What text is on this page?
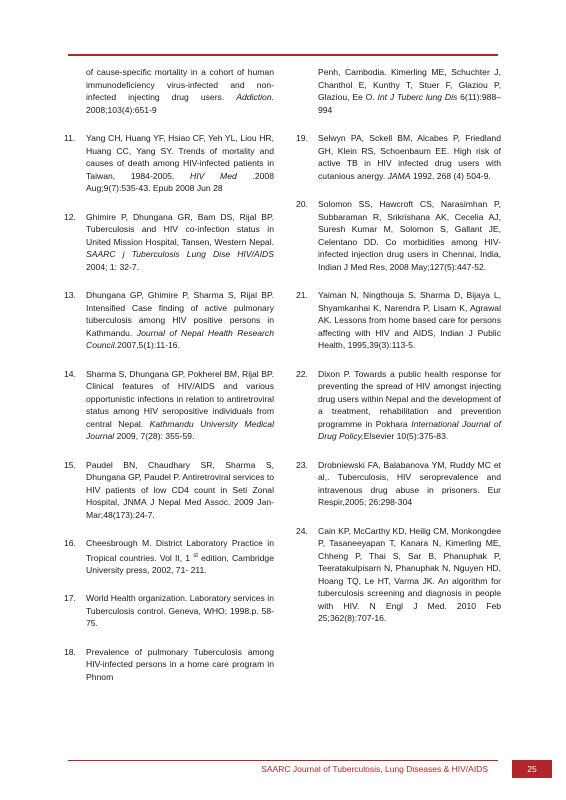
of cause-specific mortality in a cohort of human immunodeficiency virus-infected and non-infected injecting drug users. Addiction. 2008;103(4):651-9
11.	Yang CH, Huang YF, Hsiao CF, Yeh YL, Liou HR, Huang CC, Yang SY. Trends of mortality and causes of death among HIV-infected patients in Taiwan, 1984-2005. HIV Med .2008 Aug;9(7):535-43. Epub 2008 Jun 28
12.	Ghimire P, Dhungana GR, Bam DS, Rijal BP. Tuberculosis and HIV co-infection status in United Mission Hospital, Tansen, Western Nepal. SAARC j Tuberculosis Lung Dise HIV/AIDS 2004; 1: 32-7.
13.	Dhungana GP, Ghimire P, Sharma S, Rijal BP. Intensified Case finding of active pulmonary tuberculosis among HIV positive persons in Kathmandu. Journal of Nepal Health Research Council.2007,5(1):11-16.
14.	Sharma S, Dhungana GP, Pokherel BM, Rijal BP. Clinical features of HIV/AIDS and various opportunistic infections in relation to antiretroviral status among HIV seropositive individuals from central Nepal. Kathmandu University Medical Journal 2009, 7(28): 355-59.
15.	Paudel BN, Chaudhary SR, Sharma S, Dhungana GP, Paudel P. Antiretroviral services to HIV patients of low CD4 count in Seti Zonal Hospital, JNMA J Nepal Med Assoc. 2009 Jan-Mar;48(173):24-7.
16.	Cheesbrough M. District Laboratory Practice in Tropical countries. Vol II, 1 $^{st}$ edition, Cambridge University press, 2002, 71- 211.
17.	World Health organization. Laboratory services in Tuberculosis control. Geneva, WHO; 1998.p. 58-75.
18.	Prevalence of pulmonary Tuberculosis among HIV-infected persons in a home care program in Phnom
Penh, Cambodia. Kimerling ME, Schuchter J, Chanthol E, Kunthy T, Stuer F, Glaziou P, Glaziou, Ee O. Int J Tuberc lung Dis 6(11):988–994
19.	Selwyn PA, Sckell BM, Alcabes P, Friedland GH, Klein RS, Schoenbaum EE. High risk of active TB in HIV infected drug users with cutanious anergy. JAMA 1992, 268 (4) 504-9.
20.	Solomon SS, Hawcroft CS, Narasimhan P, Subbaraman R, Srikrishana AK, Cecelia AJ, Suresh Kumar M, Solomon S, Gallant JE, Celentano DD. Co morbidities among HIV-infected injection drug users in Chennai, India, Indian J Med Res, 2008 May;127(5):447-52.
21.	Yaiman N, Ningthouja S, Sharma D, Bijaya L, Shyamkanhai K, Narendra P, Lisam K, Agrawal AK. Lessons from home based care for persons affecting with HIV and AIDS, Indian J Public Health, 1995,39(3):113-5.
22.	Dixon P. Towards a public health response for preventing the spread of HIV amongst injecting drug users within Nepal and the development of a treatment, rehabilitation and prevention programme in Pokhara International Journal of Drug Policy,Elsevier 10(5):375-83.
23.	Drobniewski FA, Balabanova YM, Ruddy MC et al,. Tuberculosis, HIV seroprevalence and intravenous drug abuse in prisoners. Eur Respir,2005; 26:298-304
24.	Cain KP, McCarthy KD, Heilig CM, Monkongdee P, Tasaneeyapan T, Kanara N, Kimerling ME, Chheng P, Thai S, Sar B, Phanuphak P, Teeratakulpisarn N, Phanuphak N, Nguyen HD, Hoang TQ, Le HT, Varma JK. An algorithm for tuberculosis screening and diagnosis in people with HIV. N Engl J Med. 2010 Feb 25;362(8):707-16.
SAARC Journal of Tuberculosis, Lung Diseases & HIV/AIDS	25
